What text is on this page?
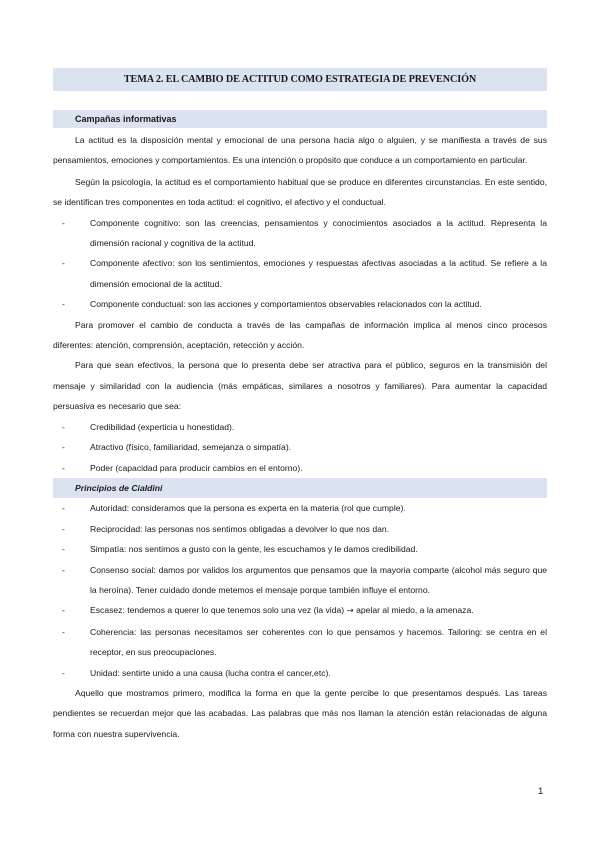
TEMA 2. EL CAMBIO DE ACTITUD COMO ESTRATEGIA DE PREVENCIÓN
Campañas informativas

La actitud es la disposición mental y emocional de una persona hacia algo o alguien, y se manifiesta a través de sus pensamientos, emociones y comportamientos. Es una intención o propósito que conduce a un comportamiento en particular.

Según la psicología, la actitud es el comportamiento habitual que se produce en diferentes circunstancias. En este sentido, se identifican tres componentes en toda actitud: el cognitivo, el afectivo y el conductual.

-	Componente cognitivo: son las creencias, pensamientos y conocimientos asociados a la actitud. Representa la dimensión racional y cognitiva de la actitud.

-	Componente afectivo: son los sentimientos, emociones y respuestas afectivas asociadas a la actitud. Se refiere a la dimensión emocional de la actitud.

-	Componente conductual: son las acciones y comportamientos observables relacionados con la actitud.

Para promover el cambio de conducta a través de las campañas de información implica al menos cinco procesos diferentes: atención, comprensión, aceptación, retección y acción.

Para que sean efectivos, la persona que lo presenta debe ser atractiva para el público, seguros en la transmisión del mensaje y similaridad con la audiencia (más empáticas, similares a nosotros y familiares). Para aumentar la capacidad persuasiva es necesario que sea:

-	Credibilidad (experticia u honestidad).

-	Atractivo (físico, familiaridad, semejanza o simpatía).

-	Poder (capacidad para producir cambios en el entorno).

Principios de Cialdini

-	Autoridad: consideramos que la persona es experta en la materia (rol que cumple).

-	Reciprocidad: las personas nos sentimos obligadas a devolver lo que nos dan.

-	Simpatía: nos sentimos a gusto con la gente, les escuchamos y le damos credibilidad.

-	Consenso social: damos por validos los argumentos que pensamos que la mayoria comparte (alcohol más seguro que la heroína). Tener cuidado donde metemos el mensaje porque también influye el entorno.

-	Escasez: tendemos a querer lo que tenemos solo una vez (la vida) → apelar al miedo, a la amenaza.

-	Coherencia: las personas necesitamos ser coherentes con lo que pensamos y hacemos. Tailoring: se centra en el receptor, en sus preocupaciones.

-	Unidad: sentirte unido a una causa (lucha contra el cancer,etc).

Aquello que mostramos primero, modifica la forma en que la gente percibe lo que presentamos después. Las tareas pendientes se recuerdan mejor que las acabadas. Las palabras que más nos llaman la atención están relacionadas de alguna forma con nuestra supervivencia.

1
